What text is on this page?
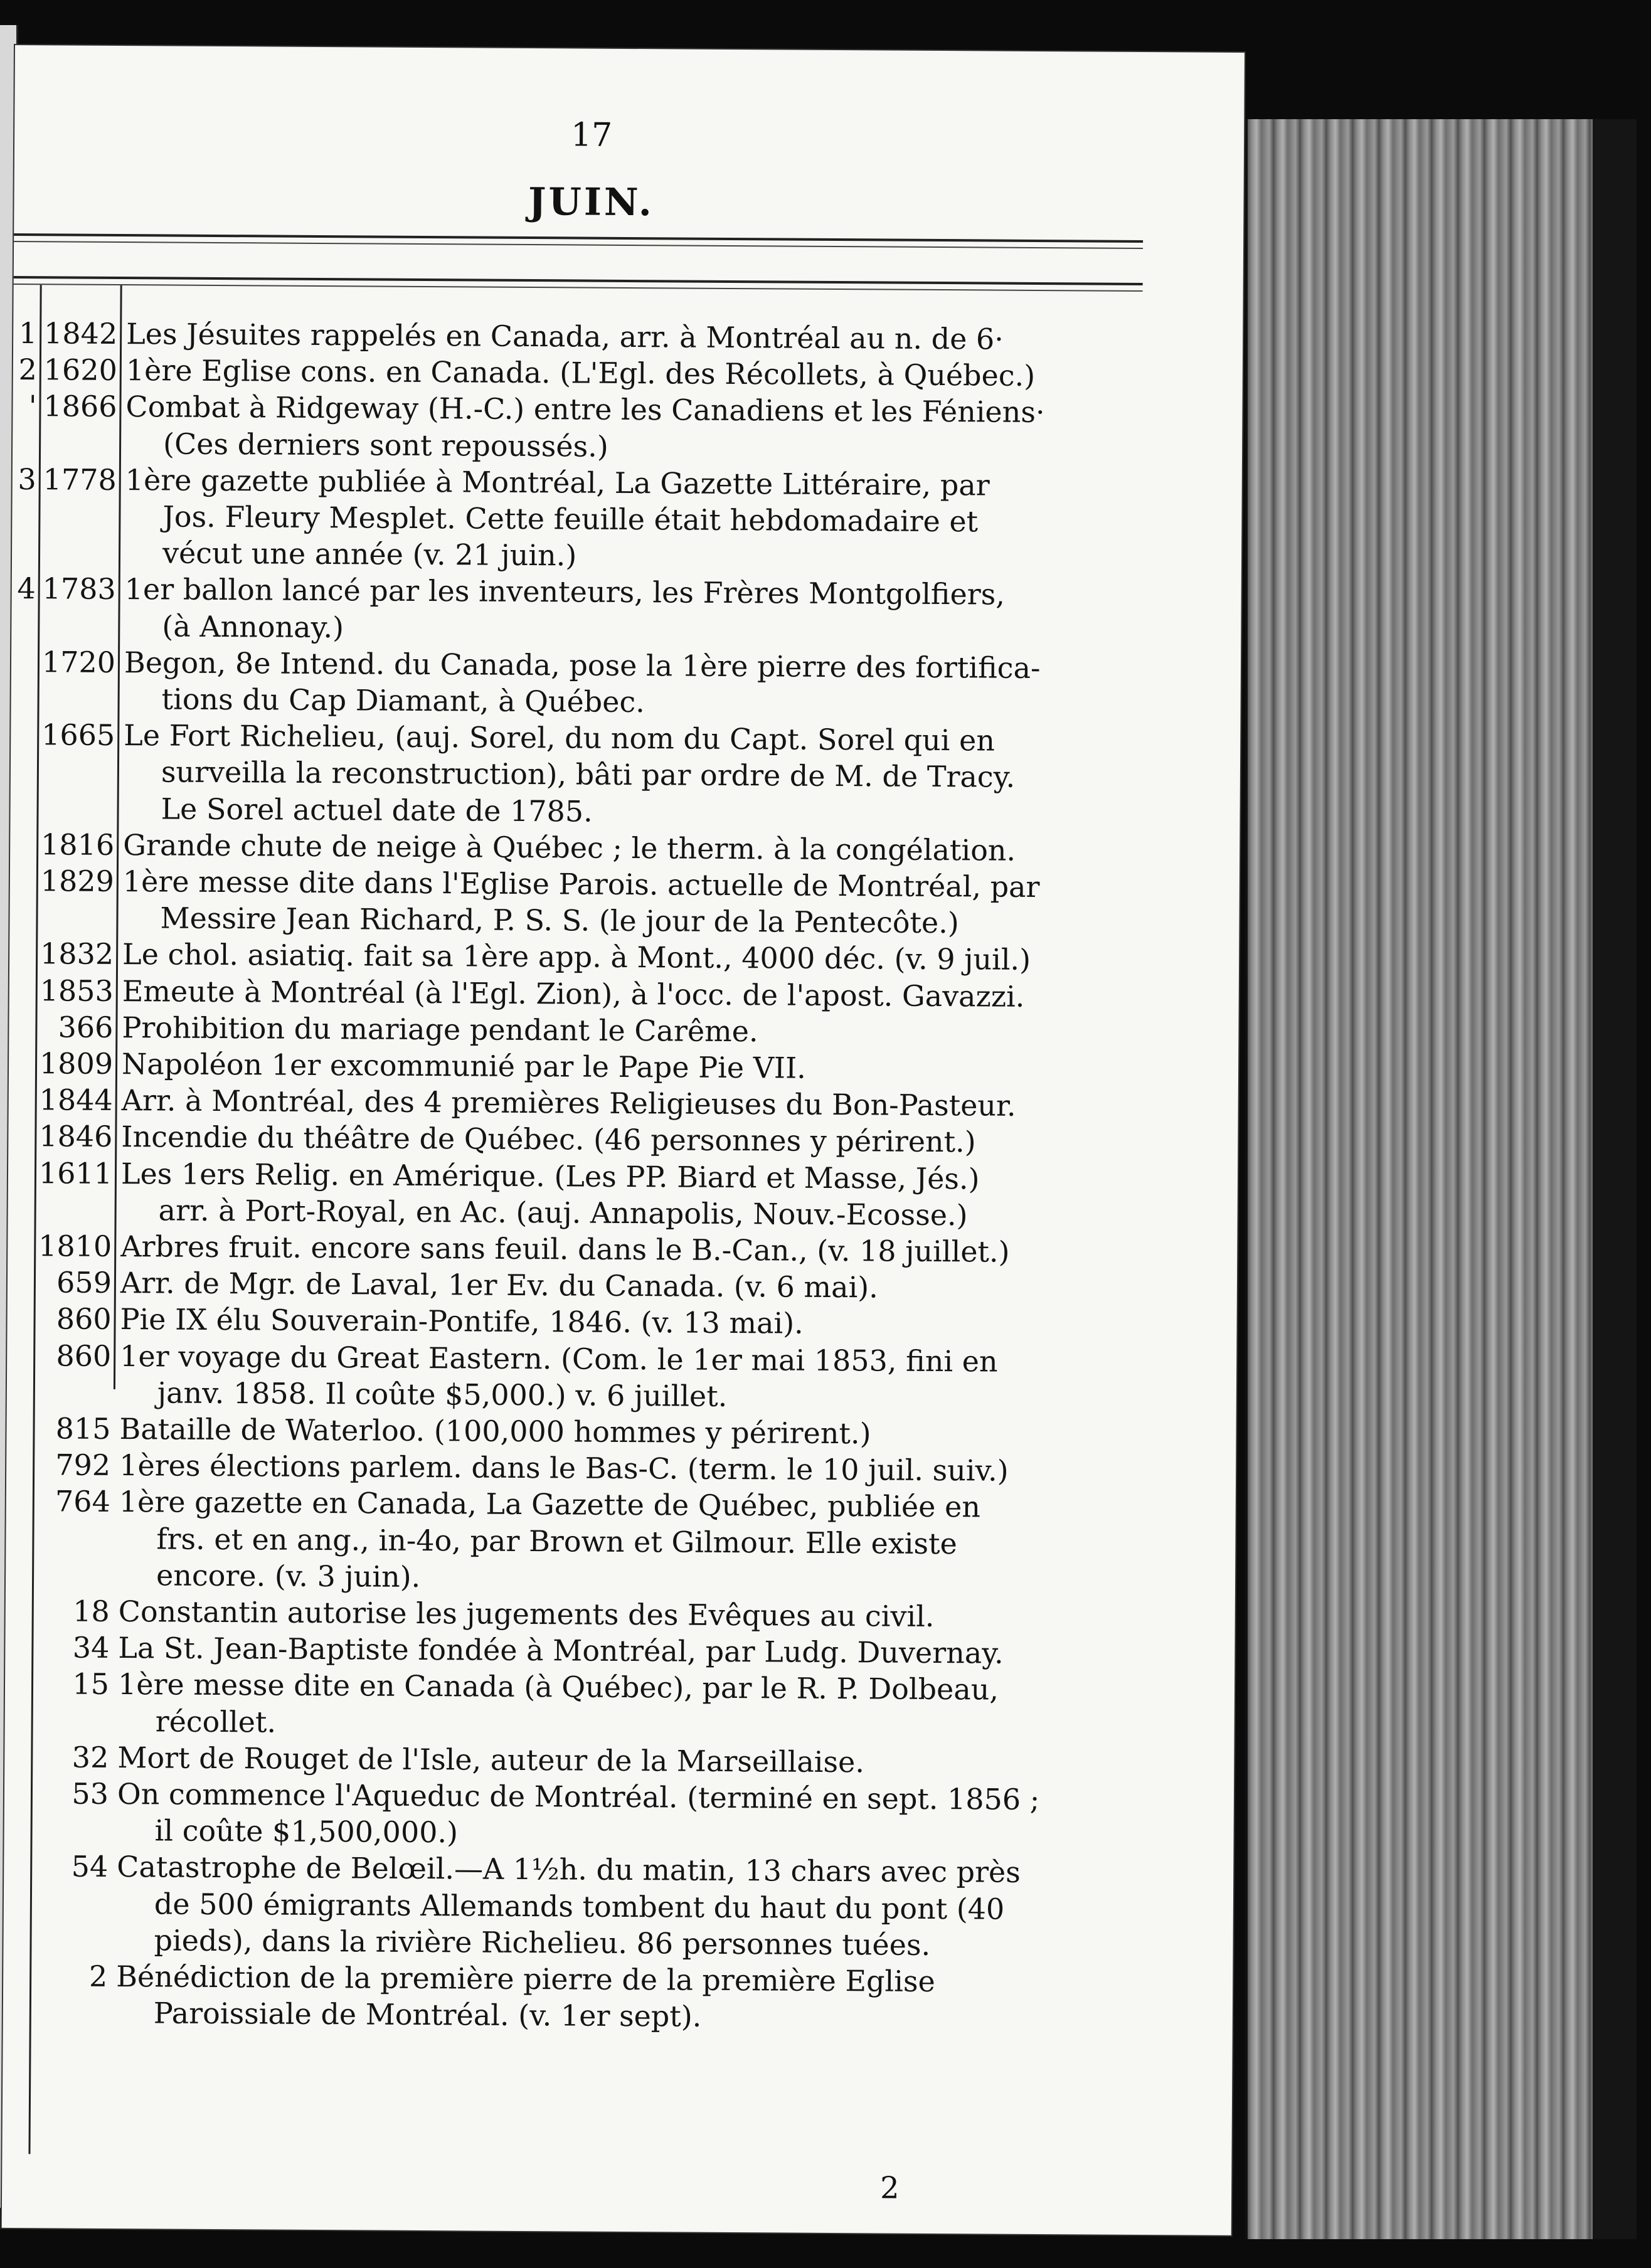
17
JUIN.
1 1842 Les Jésuites rappelés en Canada, arr. à Montréal au n. de 6·
2 1620 1ère Eglise cons. en Canada. (L'Egl. des Récollets, à Québec.)
' 1866 Combat à Ridgeway (H.-C.) entre les Canadiens et les Féniens·
(Ces derniers sont repoussés.)
3 1778 1ère gazette publiée à Montréal, La Gazette Littéraire, par
Jos. Fleury Mesplet. Cette feuille était hebdomadaire et
vécut une année (v. 21 juin.)
4 1783 1er ballon lancé par les inventeurs, les Frères Montgolfiers,
(à Annonay.)
1720 Begon, 8e Intend. du Canada, pose la 1ère pierre des fortifica-
tions du Cap Diamant, à Québec.
1665 Le Fort Richelieu, (auj. Sorel, du nom du Capt. Sorel qui en
surveilla la reconstruction), bâti par ordre de M. de Tracy.
Le Sorel actuel date de 1785.
1816 Grande chute de neige à Québec ; le therm. à la congélation.
1829 1ère messe dite dans l'Eglise Parois. actuelle de Montréal, par
Messire Jean Richard, P. S. S. (le jour de la Pentecôte.)
1832 Le chol. asiatiq. fait sa 1ère app. à Mont., 4000 déc. (v. 9 juil.)
1853 Emeute à Montréal (à l'Egl. Zion), à l'occ. de l'apost. Gavazzi.
366 Prohibition du mariage pendant le Carême.
1809 Napoléon 1er excommunié par le Pape Pie VII.
1844 Arr. à Montréal, des 4 premières Religieuses du Bon-Pasteur.
1846 Incendie du théâtre de Québec. (46 personnes y périrent.)
1611 Les 1ers Relig. en Amérique. (Les PP. Biard et Masse, Jés.)
arr. à Port-Royal, en Ac. (auj. Annapolis, Nouv.-Ecosse.)
1810 Arbres fruit. encore sans feuil. dans le B.-Can., (v. 18 juillet.)
659 Arr. de Mgr. de Laval, 1er Ev. du Canada. (v. 6 mai).
860 Pie IX élu Souverain-Pontife, 1846. (v. 13 mai).
860 1er voyage du Great Eastern. (Com. le 1er mai 1853, fini en
janv. 1858. Il coûte $5,000.) v. 6 juillet.
815 Bataille de Waterloo. (100,000 hommes y périrent.)
792 1ères élections parlem. dans le Bas-C. (term. le 10 juil. suiv.)
764 1ère gazette en Canada, La Gazette de Québec, publiée en
frs. et en ang., in-4o, par Brown et Gilmour. Elle existe
encore. (v. 3 juin).
18 Constantin autorise les jugements des Evêques au civil.
34 La St. Jean-Baptiste fondée à Montréal, par Ludg. Duvernay.
15 1ère messe dite en Canada (à Québec), par le R. P. Dolbeau,
récollet.
32 Mort de Rouget de l'Isle, auteur de la Marseillaise.
53 On commence l'Aqueduc de Montréal. (terminé en sept. 1856 ;
il coûte $1,500,000.)
54 Catastrophe de Belœil.—A 1½h. du matin, 13 chars avec près
de 500 émigrants Allemands tombent du haut du pont (40
pieds), dans la rivière Richelieu. 86 personnes tuées.
2 Bénédiction de la première pierre de la première Eglise
Paroissiale de Montréal. (v. 1er sept).
2
